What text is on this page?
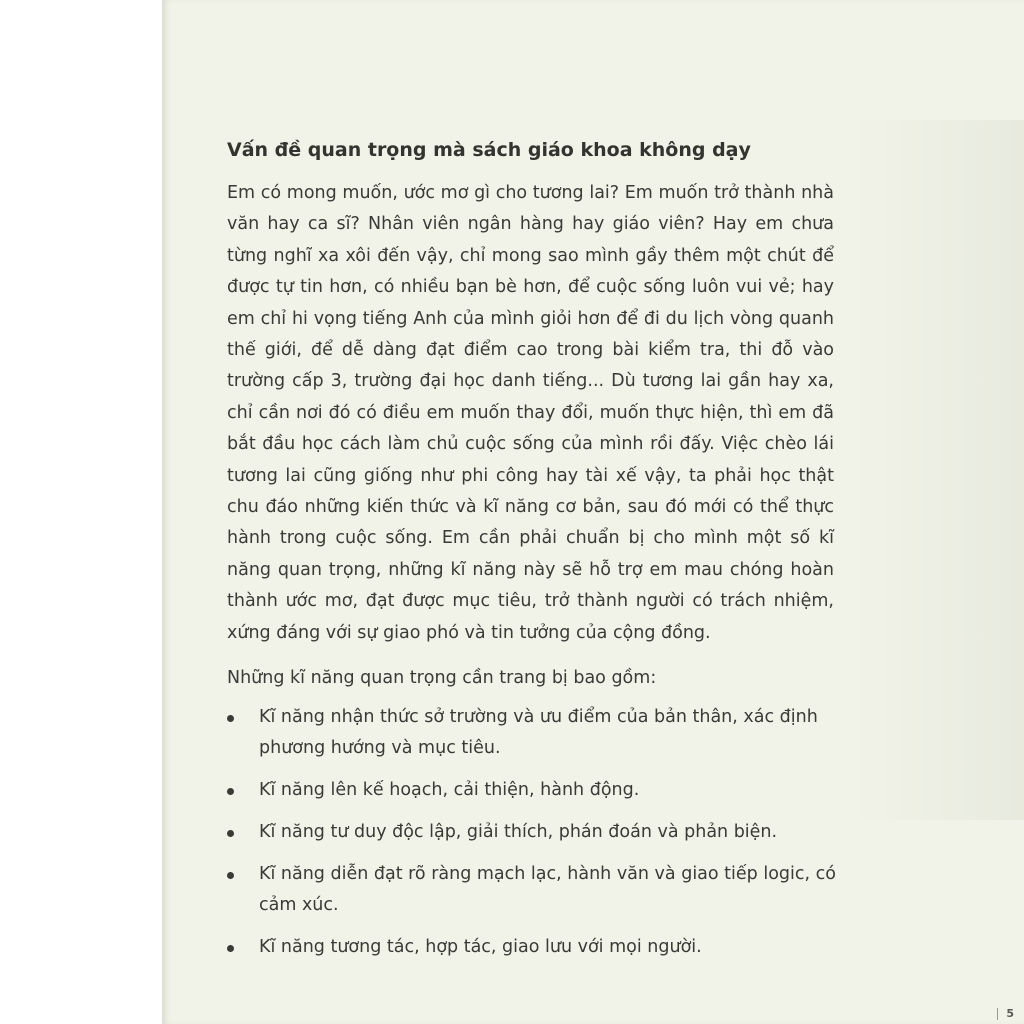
Vấn đề quan trọng mà sách giáo khoa không dạy

Em có mong muốn, ước mơ gì cho tương lai? Em muốn trở thành nhà văn hay ca sĩ? Nhân viên ngân hàng hay giáo viên? Hay em chưa từng nghĩ xa xôi đến vậy, chỉ mong sao mình gầy thêm một chút để được tự tin hơn, có nhiều bạn bè hơn, để cuộc sống luôn vui vẻ; hay em chỉ hi vọng tiếng Anh của mình giỏi hơn để đi du lịch vòng quanh thế giới, để dễ dàng đạt điểm cao trong bài kiểm tra, thi đỗ vào trường cấp 3, trường đại học danh tiếng... Dù tương lai gần hay xa, chỉ cần nơi đó có điều em muốn thay đổi, muốn thực hiện, thì em đã bắt đầu học cách làm chủ cuộc sống của mình rồi đấy. Việc chèo lái tương lai cũng giống như phi công hay tài xế vậy, ta phải học thật chu đáo những kiến thức và kĩ năng cơ bản, sau đó mới có thể thực hành trong cuộc sống. Em cần phải chuẩn bị cho mình một số kĩ năng quan trọng, những kĩ năng này sẽ hỗ trợ em mau chóng hoàn thành ước mơ, đạt được mục tiêu, trở thành người có trách nhiệm, xứng đáng với sự giao phó và tin tưởng của cộng đồng.

Những kĩ năng quan trọng cần trang bị bao gồm:

Kĩ năng nhận thức sở trường và ưu điểm của bản thân, xác định phương hướng và mục tiêu.
Kĩ năng lên kế hoạch, cải thiện, hành động.
Kĩ năng tư duy độc lập, giải thích, phán đoán và phản biện.
Kĩ năng diễn đạt rõ ràng mạch lạc, hành văn và giao tiếp logic, có cảm xúc.
Kĩ năng tương tác, hợp tác, giao lưu với mọi người.
5
